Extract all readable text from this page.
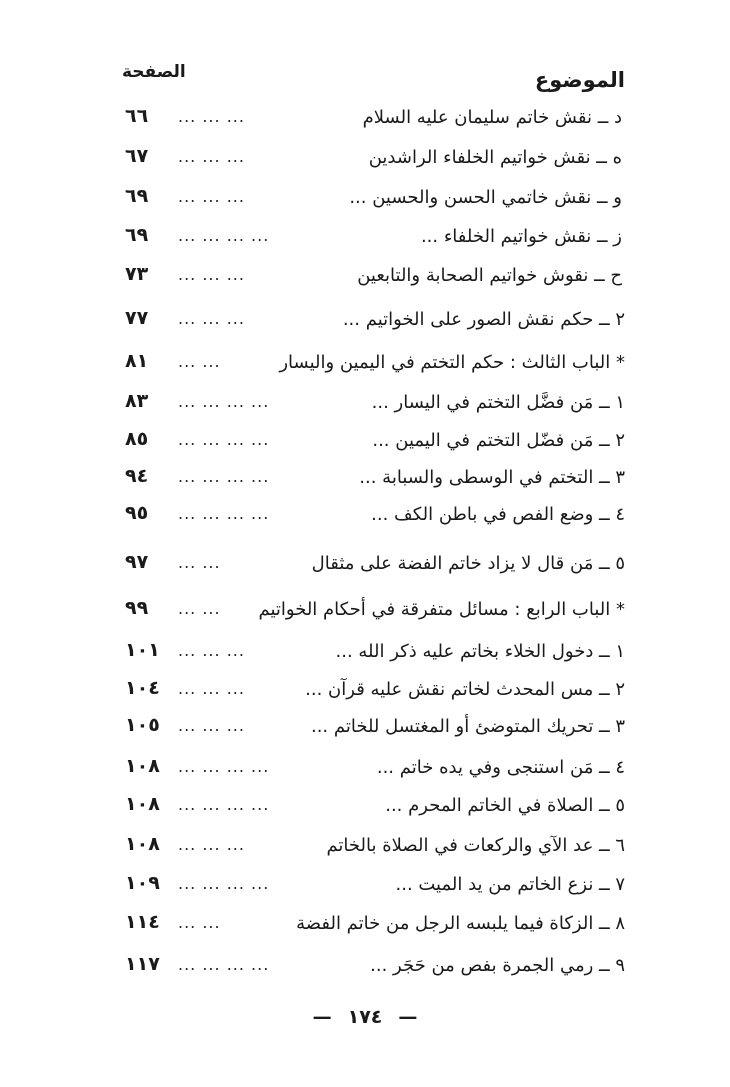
الموضوع
الصفحة
د ــ نقش خاتم سليمان عليه السلام
... ... ...
٦٦
ه ــ نقش خواتيم الخلفاء الراشدين
... ... ...
٦٧
و ــ نقش خاتمي الحسن والحسين ...
... ... ...
٦٩
ز ــ نقش خواتيم الخلفاء ...
... ... ... ...
٦٩
ح ــ نقوش خواتيم الصحابة والتابعين
... ... ...
٧٣
٢ ــ حكم نقش الصور على الخواتيم ...
... ... ...
٧٧
* الباب الثالث : حكم التختم في اليمين واليسار
... ...
٨١
١ ــ مَن فضَّل التختم في اليسار ...
... ... ... ...
٨٣
٢ ــ مَن فضّل التختم في اليمين ...
... ... ... ...
٨٥
٣ ــ التختم في الوسطى والسبابة ...
... ... ... ...
٩٤
٤ ــ وضع الفص في باطن الكف ...
... ... ... ...
٩٥
٥ ــ مَن قال لا يزاد خاتم الفضة على مثقال
... ...
٩٧
* الباب الرابع : مسائل متفرقة في أحكام الخواتيم
... ...
٩٩
١ ــ دخول الخلاء بخاتم عليه ذكر الله ...
... ... ...
١٠١
٢ ــ مس المحدث لخاتم نقش عليه قرآن ...
... ... ...
١٠٤
٣ ــ تحريك المتوضئ أو المغتسل للخاتم ...
... ... ...
١٠٥
٤ ــ مَن استنجى وفي يده خاتم ...
... ... ... ...
١٠٨
٥ ــ الصلاة في الخاتم المحرم ...
... ... ... ...
١٠٨
٦ ــ عد الآي والركعات في الصلاة بالخاتم
... ... ...
١٠٨
٧ ــ نزع الخاتم من يد الميت ...
... ... ... ...
١٠٩
٨ ــ الزكاة فيما يلبسه الرجل من خاتم الفضة
... ...
١١٤
٩ ــ رمي الجمرة بفص من حَجَر ...
... ... ... ...
١١٧
— ١٧٤ —
